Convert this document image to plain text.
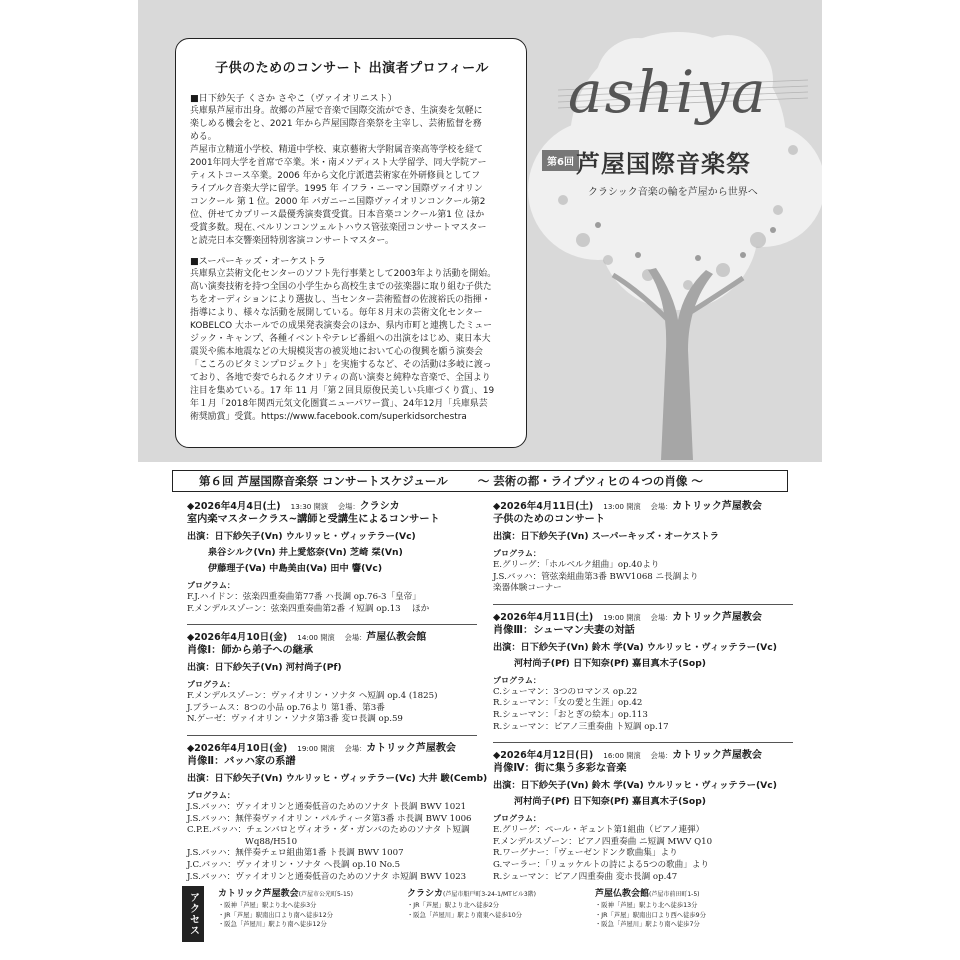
子供のためのコンサート 出演者プロフィール
■日下紗矢子 くさか さやこ（ヴァイオリニスト）
兵庫県芦屋市出身。故郷の芦屋で音楽で国際交流ができ、生演奏を気軽に
楽しめる機会をと、2021 年から芦屋国際音楽祭を主宰し、芸術監督を務
める。
芦屋市立精道小学校、精道中学校、東京藝術大学附属音楽高等学校を経て
2001年同大学を首席で卒業。米・南メソディスト大学留学、同大学院アー
ティストコース卒業。2006 年から文化庁派遣芸術家在外研修員としてフ
ライブルク音楽大学に留学。1995 年 イフラ・ニーマン国際ヴァイオリン
コンクール 第 1 位。2000 年 パガニーニ国際ヴァイオリンコンクール第2
位、併せてカプリース最優秀演奏賞受賞。日本音楽コンクール第1 位 ほか
受賞多数。現在､ベルリンコンツェルトハウス管弦楽団コンサートマスター
と読売日本交響楽団特別客演コンサートマスター。
■スーパーキッズ・オーケストラ
兵庫県立芸術文化センターのソフト先行事業として2003年より活動を開始。
高い演奏技術を持つ全国の小学生から高校生までの弦楽器に取り組む子供た
ちをオーディションにより選抜し、当センター芸術監督の佐渡裕氏の指揮・
指導により、様々な活動を展開している。毎年８月末の芸術文化センター
KOBELCO 大ホールでの成果発表演奏会のほか、県内市町と連携したミュー
ジック・キャンプ、各種イベントやテレビ番組への出演をはじめ、東日本大
震災や熊本地震などの大規模災害の被災地において心の復興を願う演奏会
「こころのビタミンプロジェクト」を実施するなど、その活動は多岐に渡っ
ており、各地で奏でられるクオリティの高い演奏と純粋な音楽で、全国より
注目を集めている。17 年 11 月「第２回貝原俊民美しい兵庫づくり賞」、19
年１月「2018年関西元気文化圏賞ニューパワー賞」、24年12月「兵庫県芸
術奨励賞」受賞。https://www.facebook.com/superkidsorchestra
ashiya
第6回 芦屋国際音楽祭
クラシック音楽の輪を芦屋から世界へ
第６回 芦屋国際音楽祭 コンサートスケジュール	～ 芸術の都・ライプツィヒの４つの肖像 ～
◆2026年4月4日(土) 13:30 開演 会場：クラシカ
室内楽マスタークラス~講師と受講生によるコンサート
出演：日下紗矢子(Vn) ウルリッヒ・ヴィッテラー(Vc)
泉谷シルク(Vn) 井上愛悠奈(Vn) 芝崎 栞(Vn)
伊藤理子(Va) 中島美由(Va) 田中 響(Vc)
プログラム：
F.J.ハイドン：弦楽四重奏曲第77番 ハ長調 op.76-3「皇帝」
F.メンデルスゾーン：弦楽四重奏曲第2番 イ短調 op.13　 ほか
◆2026年4月10日(金) 14:00 開演 会場：芦屋仏教会館
肖像Ⅰ：師から弟子への継承
出演：日下紗矢子(Vn) 河村尚子(Pf)
プログラム：
F.メンデルスゾーン：ヴァイオリン・ソナタ ヘ短調 op.4 (1825)
J.ブラームス：8つの小品 op.76より 第1番、第3番
N.ゲーゼ：ヴァイオリン・ソナタ第3番 変ロ長調 op.59
◆2026年4月10日(金) 19:00 開演 会場：カトリック芦屋教会
肖像Ⅱ：バッハ家の系譜
出演：日下紗矢子(Vn) ウルリッヒ・ヴィッテラー(Vc) 大井 駿(Cemb)
プログラム：
J.S.バッハ：ヴァイオリンと通奏低音のためのソナタ ト長調 BWV 1021
J.S.バッハ：無伴奏ヴァイオリン・パルティータ第3番 ホ長調 BWV 1006
C.P.E.バッハ：チェンバロとヴィオラ・ダ・ガンバのためのソナタ ト短調
Wq88/H510
J.S.バッハ：無伴奏チェロ組曲第1番 ト長調 BWV 1007
J.C.バッハ：ヴァイオリン・ソナタ ヘ長調 op.10 No.5
J.S.バッハ：ヴァイオリンと通奏低音のためのソナタ ホ短調 BWV 1023
◆2026年4月11日(土) 13:00 開演 会場：カトリック芦屋教会
子供のためのコンサート
出演：日下紗矢子(Vn) スーパーキッズ・オーケストラ
プログラム：
E.グリーグ：「ホルベルク組曲」op.40より
J.S.バッハ：管弦楽組曲第3番 BWV1068 ニ長調より
楽器体験コーナー
◆2026年4月11日(土) 19:00 開演 会場：カトリック芦屋教会
肖像Ⅲ：シューマン夫妻の対話
出演：日下紗矢子(Vn) 鈴木 学(Va) ウルリッヒ・ヴィッテラー(Vc)
河村尚子(Pf) 日下知奈(Pf) 嘉目真木子(Sop)
プログラム：
C.シューマン：3つのロマンス op.22
R.シューマン：「女の愛と生涯」op.42
R.シューマン：「おとぎの絵本」op.113
R.シューマン：ピアノ三重奏曲 ト短調 op.17
◆2026年4月12日(日) 16:00 開演 会場：カトリック芦屋教会
肖像Ⅳ：街に集う多彩な音楽
出演：日下紗矢子(Vn) 鈴木 学(Va) ウルリッヒ・ヴィッテラー(Vc)
河村尚子(Pf) 日下知奈(Pf) 嘉目真木子(Sop)
プログラム：
E.グリーグ：ペール・ギュント第1組曲（ピアノ連弾）
F.メンデルスゾーン：ピアノ四重奏曲 ニ短調 MWV Q10
R.ワーグナー：「ヴェーゼンドンク歌曲集」より
G.マーラー：「リュッケルトの詩による5つの歌曲」より
R.シューマン：ピアノ四重奏曲 変ホ長調 op.47
アクセス	カトリック芦屋教会(芦屋市公光町5-15)
・阪神「芦屋」駅より北へ徒歩3分
・JR「芦屋」駅南出口より南へ徒歩12分
・阪急「芦屋川」駅より南へ徒歩12分
クラシカ(芦屋市船戸町3-24-1/MTビル3階)
・JR「芦屋」駅より北へ徒歩2分
・阪急「芦屋川」駅より南東へ徒歩10分
芦屋仏教会館(芦屋市前田町1-5)
・阪神「芦屋」駅より北へ徒歩13分
・JR「芦屋」駅南出口より西へ徒歩9分
・阪急「芦屋川」駅より南へ徒歩7分
